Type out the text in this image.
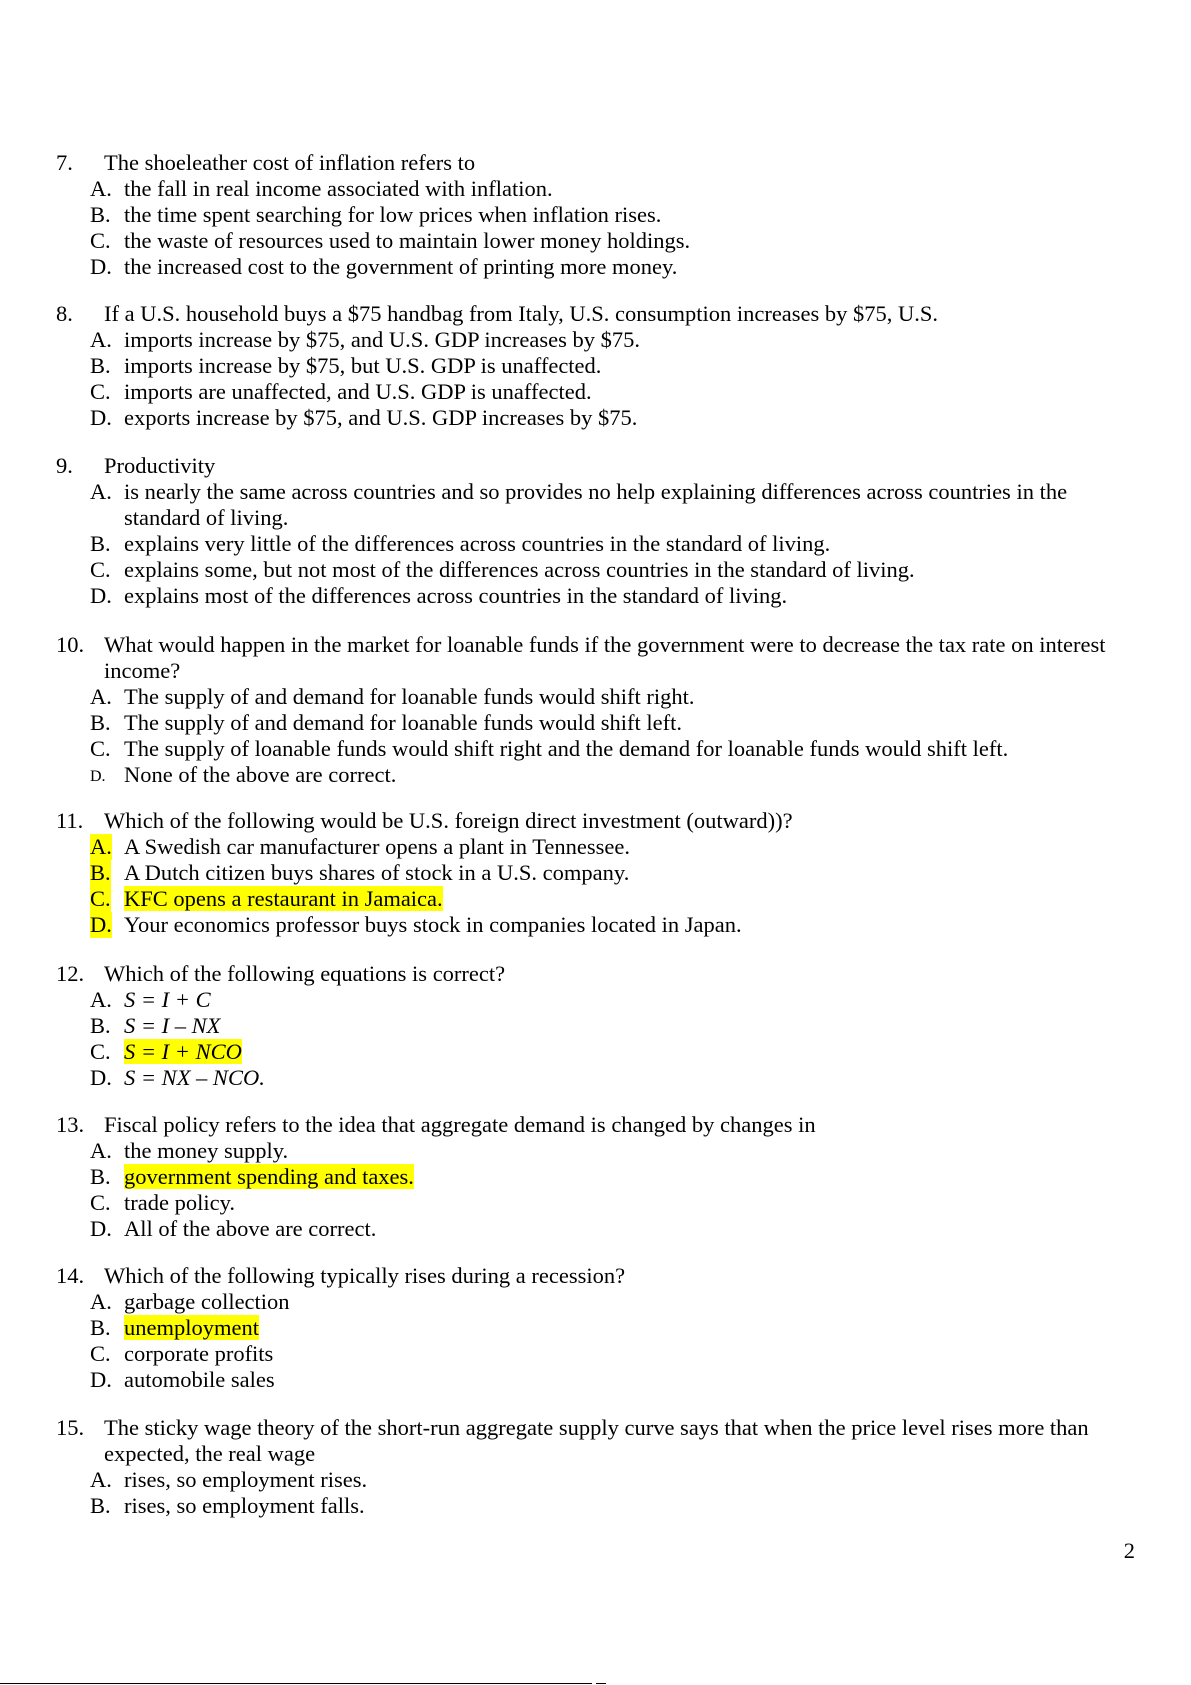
7. The shoeleather cost of inflation refers to
A. the fall in real income associated with inflation.
B. the time spent searching for low prices when inflation rises.
C. the waste of resources used to maintain lower money holdings.
D. the increased cost to the government of printing more money.
8. If a U.S. household buys a $75 handbag from Italy, U.S. consumption increases by $75, U.S.
A. imports increase by $75, and U.S. GDP increases by $75.
B. imports increase by $75, but U.S. GDP is unaffected.
C. imports are unaffected, and U.S. GDP is unaffected.
D. exports increase by $75, and U.S. GDP increases by $75.
9. Productivity
A. is nearly the same across countries and so provides no help explaining differences across countries in the standard of living.
B. explains very little of the differences across countries in the standard of living.
C. explains some, but not most of the differences across countries in the standard of living.
D. explains most of the differences across countries in the standard of living.
10. What would happen in the market for loanable funds if the government were to decrease the tax rate on interest income?
A. The supply of and demand for loanable funds would shift right.
B. The supply of and demand for loanable funds would shift left.
C. The supply of loanable funds would shift right and the demand for loanable funds would shift left.
D. None of the above are correct.
11. Which of the following would be U.S. foreign direct investment (outward))?
A. A Swedish car manufacturer opens a plant in Tennessee.
B. A Dutch citizen buys shares of stock in a U.S. company.
C. KFC opens a restaurant in Jamaica.
D. Your economics professor buys stock in companies located in Japan.
12. Which of the following equations is correct?
A. S = I + C
B. S = I – NX
C. S = I + NCO
D. S = NX – NCO.
13. Fiscal policy refers to the idea that aggregate demand is changed by changes in
A. the money supply.
B. government spending and taxes.
C. trade policy.
D. All of the above are correct.
14. Which of the following typically rises during a recession?
A. garbage collection
B. unemployment
C. corporate profits
D. automobile sales
15. The sticky wage theory of the short-run aggregate supply curve says that when the price level rises more than expected, the real wage
A. rises, so employment rises.
B. rises, so employment falls.
2
